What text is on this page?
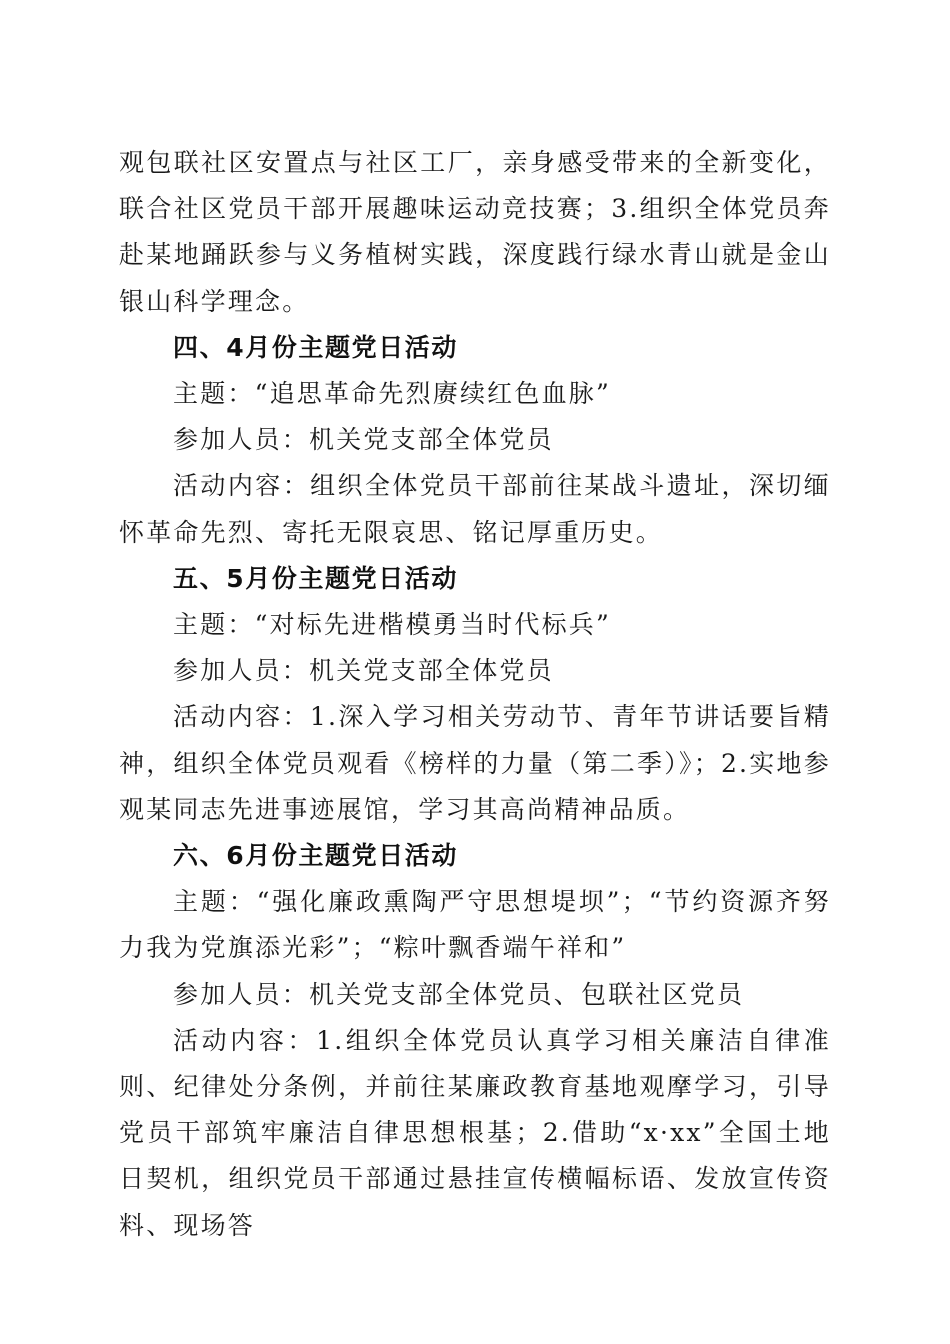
观包联社区安置点与社区工厂，亲身感受带来的全新变化，联合社区党员干部开展趣味运动竞技赛；3.组织全体党员奔赴某地踊跃参与义务植树实践，深度践行绿水青山就是金山银山科学理念。

四、4月份主题党日活动

主题：“追思革命先烈赓续红色血脉”

参加人员：机关党支部全体党员

活动内容：组织全体党员干部前往某战斗遗址，深切缅怀革命先烈、寄托无限哀思、铭记厚重历史。

五、5月份主题党日活动

主题：“对标先进楷模勇当时代标兵”

参加人员：机关党支部全体党员

活动内容：1.深入学习相关劳动节、青年节讲话要旨精神，组织全体党员观看《榜样的力量（第二季）》；2.实地参观某同志先进事迹展馆，学习其高尚精神品质。

六、6月份主题党日活动

主题：“强化廉政熏陶严守思想堤坝”；“节约资源齐努力我为党旗添光彩”；“粽叶飘香端午祥和”

参加人员：机关党支部全体党员、包联社区党员

活动内容：1.组织全体党员认真学习相关廉洁自律准则、纪律处分条例，并前往某廉政教育基地观摩学习，引导党员干部筑牢廉洁自律思想根基；2.借助“x·xx”全国土地日契机，组织党员干部通过悬挂宣传横幅标语、发放宣传资料、现场答
